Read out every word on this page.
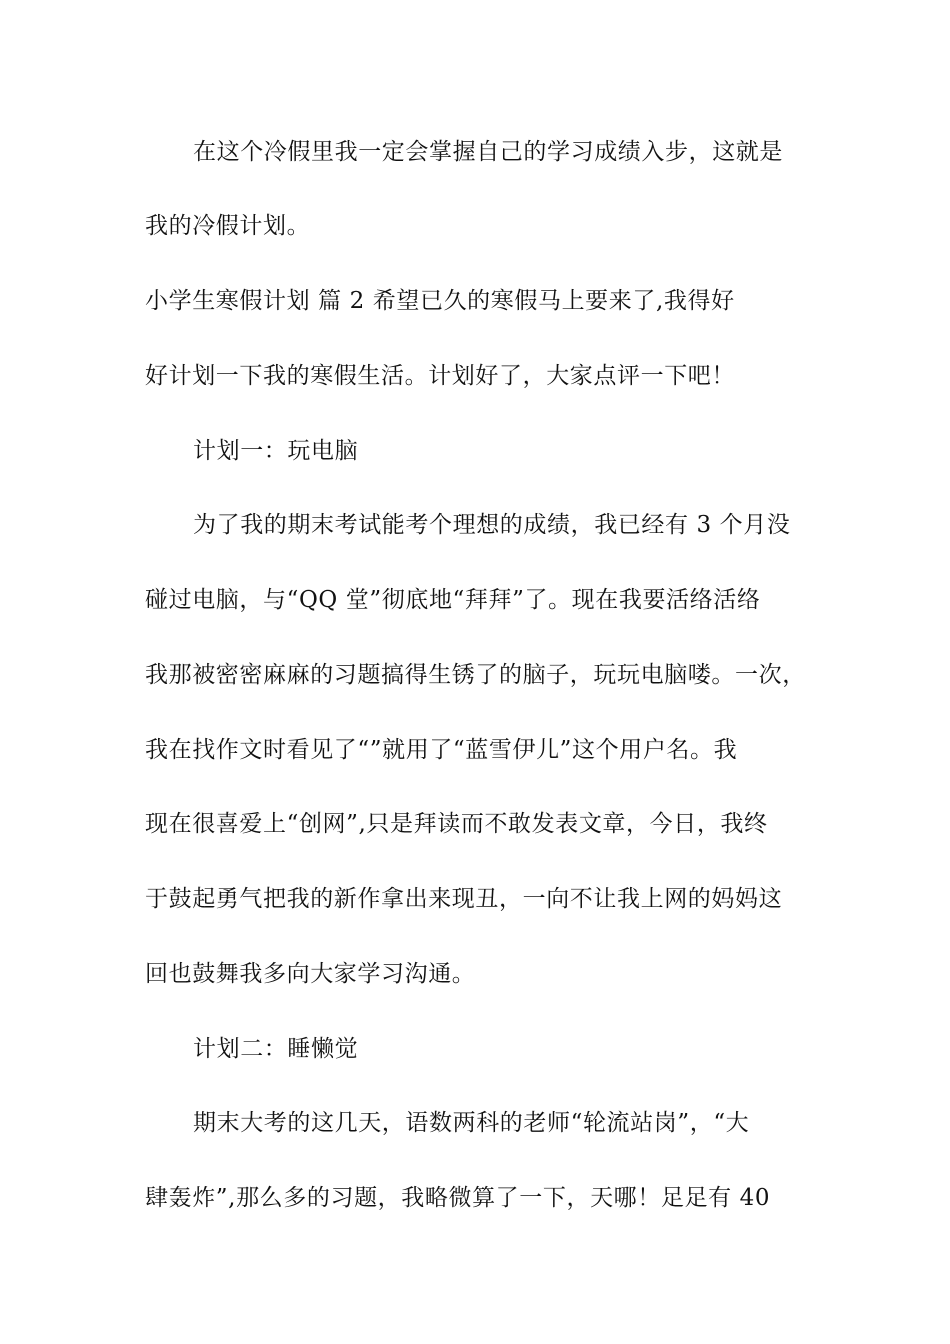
在这个冷假里我一定会掌握自己的学习成绩入步，这就是
我的冷假计划。
小学生寒假计划 篇 2 希望已久的寒假马上要来了,我得好
好计划一下我的寒假生活。计划好了，大家点评一下吧！
计划一：玩电脑
为了我的期末考试能考个理想的成绩，我已经有 3 个月没
碰过电脑，与“QQ 堂”彻底地“拜拜”了。现在我要活络活络
我那被密密麻麻的习题搞得生锈了的脑子，玩玩电脑喽。一次，
我在找作文时看见了“”就用了“蓝雪伊儿”这个用户名。我
现在很喜爱上“创网”,只是拜读而不敢发表文章，今日，我终
于鼓起勇气把我的新作拿出来现丑，一向不让我上网的妈妈这
回也鼓舞我多向大家学习沟通。
计划二：睡懒觉
期末大考的这几天，语数两科的老师“轮流站岗”，“大
肆轰炸”,那么多的习题，我略微算了一下，天哪！足足有 40
